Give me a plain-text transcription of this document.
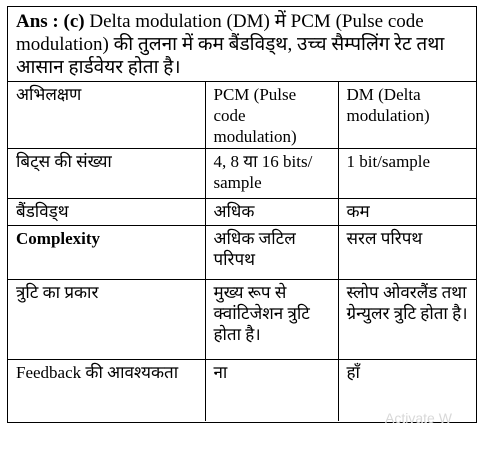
Ans : (c) Delta modulation (DM) में PCM (Pulse code modulation) की तुलना में कम बैंडविड्थ, उच्च सैम्पलिंग रेट तथा आसान हार्डवेयर होता है।
अभिलक्षण	PCM (Pulse code modulation)	DM (Delta modulation)
बिट्स की संख्या	4, 8 या 16 bits/ sample	1 bit/sample
बैंडविड्थ	अधिक	कम
Complexity	अधिक जटिल परिपथ	सरल परिपथ
त्रुटि का प्रकार	मुख्य रूप से क्वांटिजेशन त्रुटि होता है।	स्लोप ओवरलैंड तथा ग्रेन्युलर त्रुटि होता है।
Feedback की आवश्यकता	ना	हाँ
Activate W
